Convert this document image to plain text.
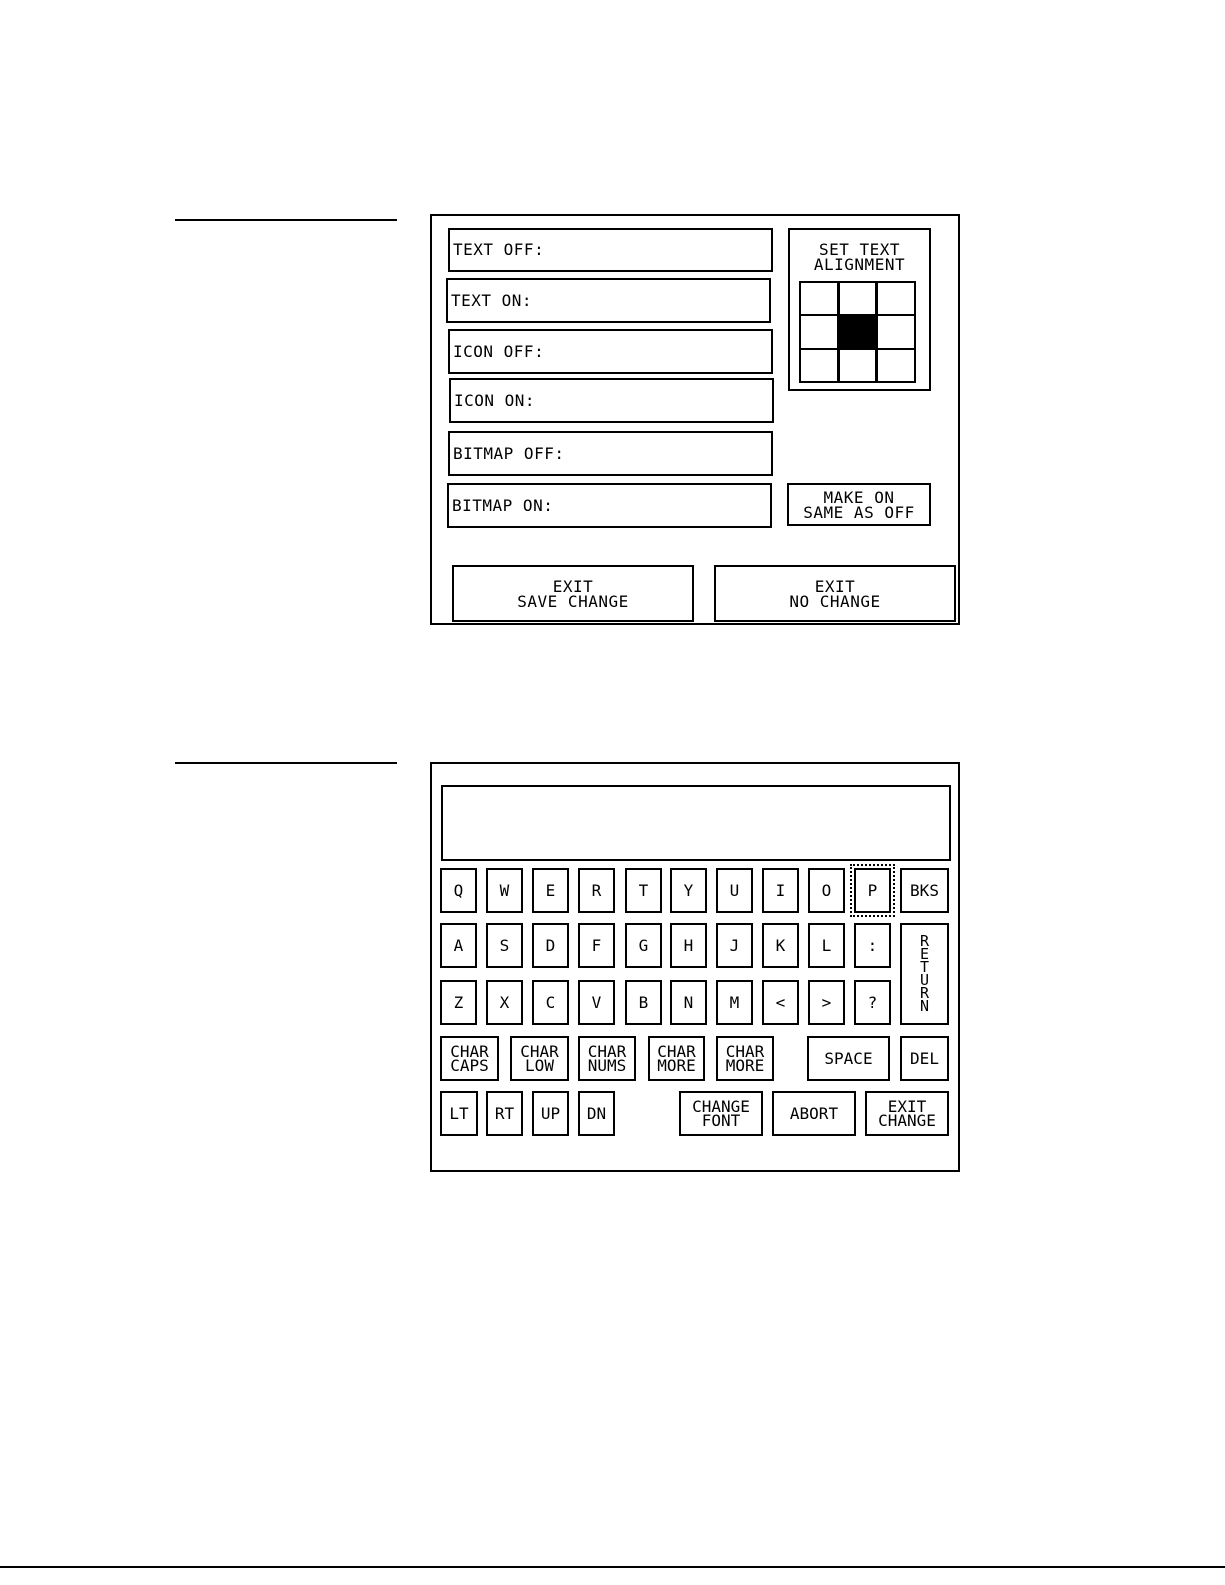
TEXT OFF:
TEXT ON:
ICON OFF:
ICON ON:
BITMAP OFF:
BITMAP ON:
SET TEXT
ALIGNMENT
MAKE ON
SAME AS OFF
EXIT
SAVE CHANGE
EXIT
NO CHANGE
Q	W	E	R	T	Y	U	I	O	P	BKS
A	S	D	F	G	H	J	K	L	:	R
E
T
U
R
N
Z	X	C	V	B	N	M	<	>	?
CHAR
CAPS
CHAR
LOW
CHAR
NUMS
CHAR
MORE
CHAR
MORE	SPACE	DEL
LT	RT	UP	DN	CHANGE
FONT	ABORT	EXIT
CHANGE
